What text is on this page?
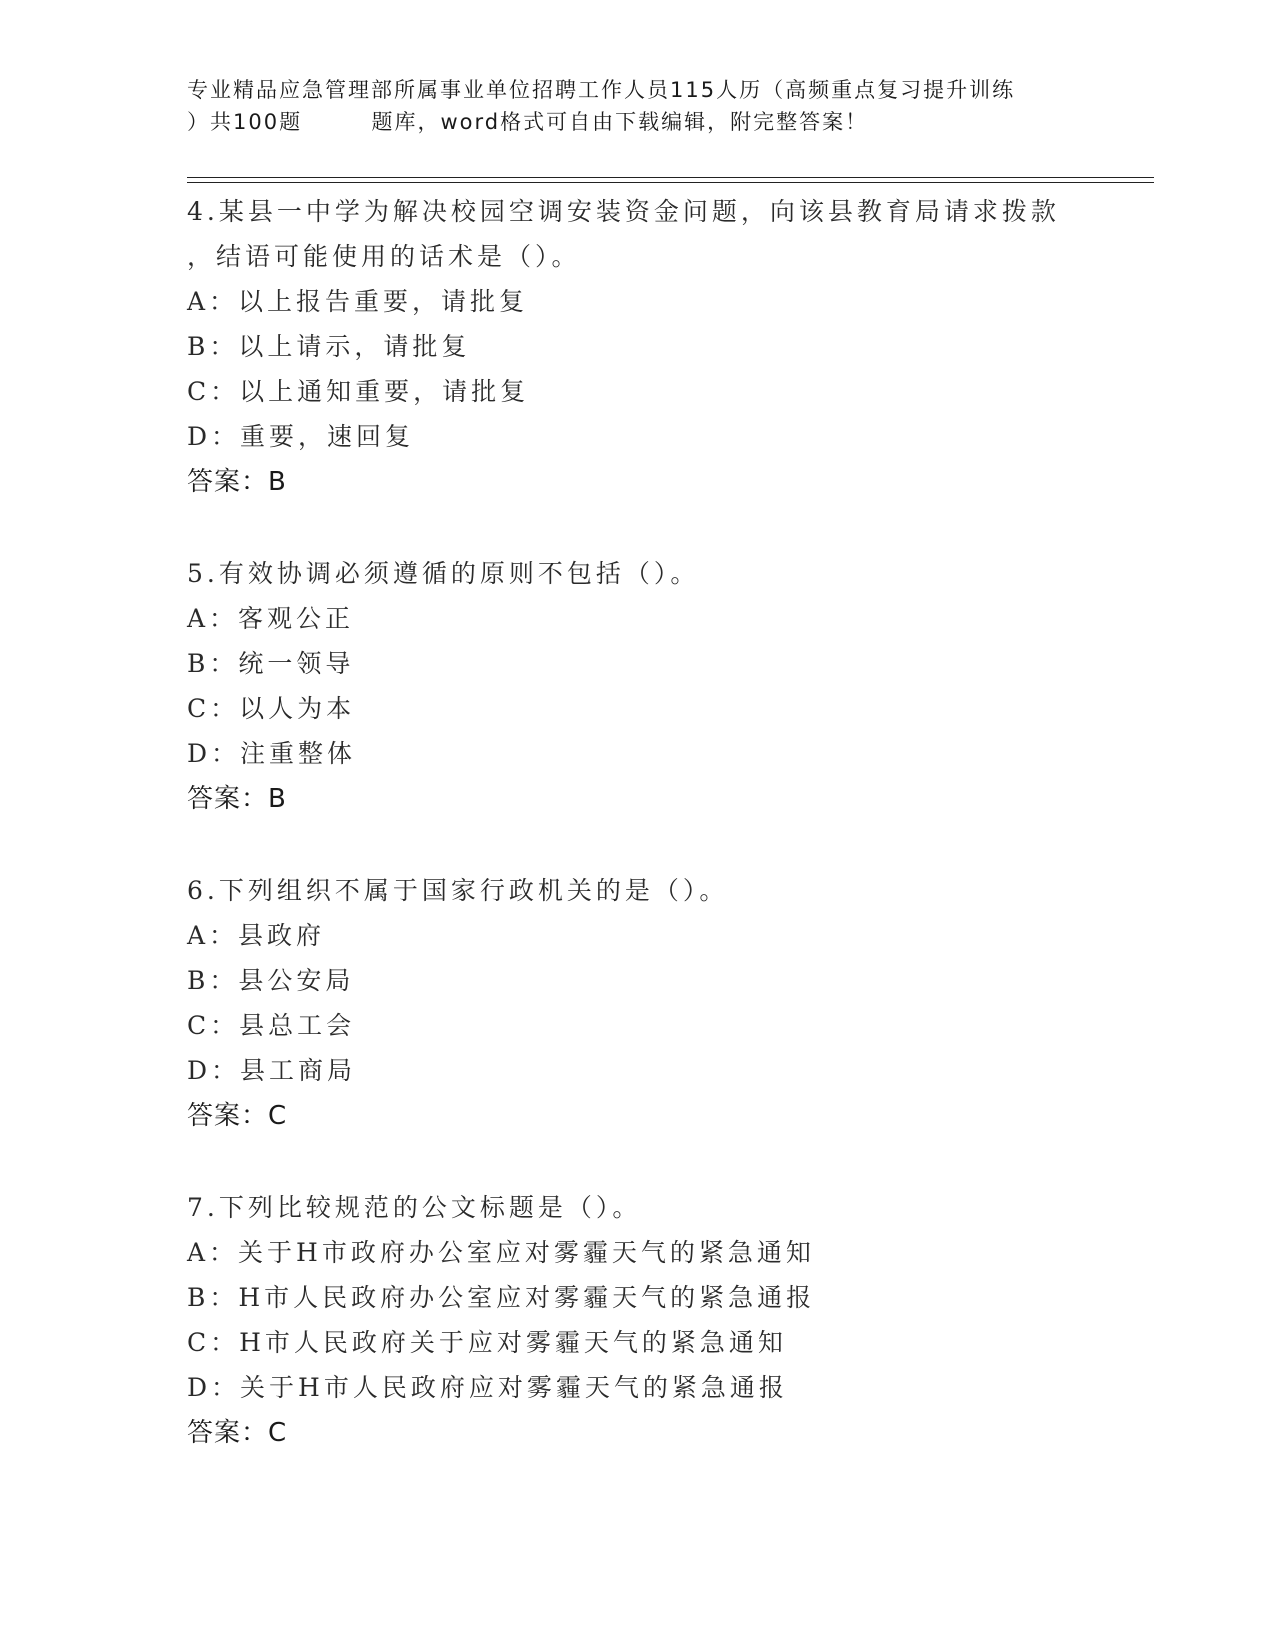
专业精品应急管理部所属事业单位招聘工作人员115人历（高频重点复习提升训练
）共100题        题库，word格式可自由下载编辑，附完整答案！
4.某县一中学为解决校园空调安装资金问题，向该县教育局请求拨款
，结语可能使用的话术是（）。
A：以上报告重要，请批复
B：以上请示，请批复
C：以上通知重要，请批复
D：重要，速回复
答案：B
5.有效协调必须遵循的原则不包括（）。
A：客观公正
B：统一领导
C：以人为本
D：注重整体
答案：B
6.下列组织不属于国家行政机关的是（）。
A：县政府
B：县公安局
C：县总工会
D：县工商局
答案：C
7.下列比较规范的公文标题是（）。
A：关于H市政府办公室应对雾霾天气的紧急通知
B：H市人民政府办公室应对雾霾天气的紧急通报
C：H市人民政府关于应对雾霾天气的紧急通知
D：关于H市人民政府应对雾霾天气的紧急通报
答案：C
